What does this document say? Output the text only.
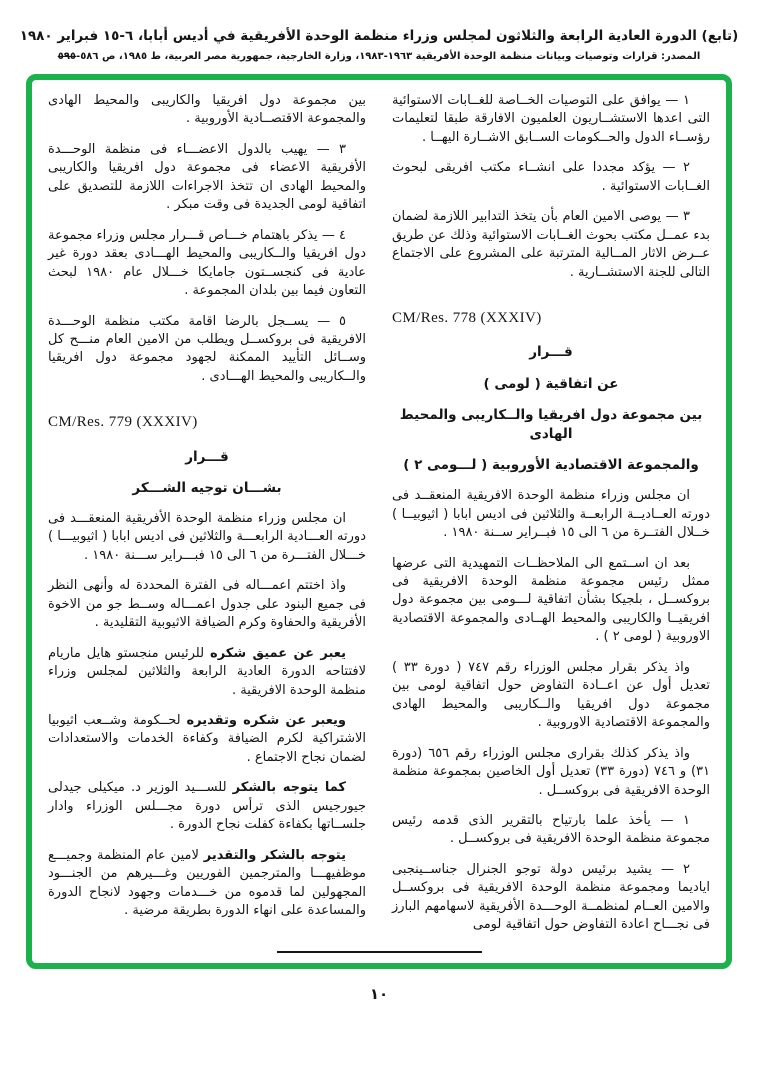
(تابع) الدورة العادية الرابعة والثلاثون لمجلس وزراء منظمة الوحدة الأفريقية في أديس أبابا، ٦-١٥ فبراير ١٩٨٠
المصدر: قرارات وتوصيات وبيانات منظمة الوحدة الأفريقية ١٩٦٣-١٩٨٣، وزارة الخارجية، جمهورية مصر العربية، ط ١٩٨٥، ص ٥٨٦-٥٩٥
١ — يوافق على التوصيات الخــاصة للغــابات الاستوائية التى اعدها الاستشــاريون العلميون الافارقة طبقا لتعليمات رؤســاء الدول والحــكومات الســابق الاشــارة اليهــا .
٢ — يؤكد مجددا على انشــاء مكتب افريقى لبحوث الغــابات الاستوائية .
٣ — يوصى الامين العام بأن يتخذ التدابير اللازمة لضمان بدء عمــل مكتب بحوث الغــابات الاستوائية وذلك عن طريق عــرض الاثار المــالية المترتبة على المشروع على الاجتماع التالى للجنة الاستشــارية .
CM/Res. 778 (XXXIV)
قـــرار
عن اتفاقية ( لومى )
بين مجموعة دول افريقيا والــكاريبى والمحيط الهادى
والمجموعة الاقتصادية الأوروبية ( لـــومى ٢ )
ان مجلس وزراء منظمة الوحدة الافريقية المنعقــد فى دورته العــاديــة الرابعــة والثلاثين فى اديس ابابا ( اثيوبيــا ) خــلال الفتــرة من ٦ الى ١٥ فبــراير ســنة ١٩٨٠ .
بعد ان اســتمع الى الملاحظــات التمهيدية التى عرضها ممثل رئيس مجموعة منظمة الوحدة الافريقية فى بروكســل ، بلجيكا بشأن اتفاقية لـــومى بين مجموعة دول افريقيــا والكاريبى والمحيط الهــادى والمجموعة الاقتصادية الاوروبية ( لومى ٢ ) .
واذ يذكر بقرار مجلس الوزراء رقم ٧٤٧ ( دورة ٣٣ ) تعديل أول عن اعــادة التفاوض حول اتفاقية لومى بين مجموعة دول افريقيا والــكاريبى والمحيط الهادى والمجموعة الاقتصادية الاوروبية .
واذ يذكر كذلك بقرارى مجلس الوزراء رقم ٦٥٦ (دورة ٣١) و ٧٤٦ (دورة ٣٣) تعديل أول الخاصين بمجموعة منظمة الوحدة الافريقية فى بروكســل .
١ — يأخذ علما بارتياح بالتقرير الذى قدمه رئيس مجموعة منظمة الوحدة الافريقية فى بروكســل .
٢ — يشيد برئيس دولة توجو الجنرال جناســينجبى اياديما ومجموعة منظمة الوحدة الافريقية فى بروكســل والامين العــام لمنظمــة الوحـــدة الأفريقية لاسهامهم البارز فى نجـــاح اعادة التفاوض حول اتفاقية لومى
بين مجموعة دول افريقيا والكاريبى والمحيط الهادى والمجموعة الاقتصــادية الأوروبية .
٣ — يهيب بالدول الاعضـــاء فى منظمة الوحـــدة الأفريقية الاعضاء فى مجموعة دول افريقيا والكاريبى والمحيط الهادى ان تتخذ الاجراءات اللازمة للتصديق على اتفاقية لومى الجديدة فى وقت مبكر .
٤ — يذكر باهتمام خـــاص قـــرار مجلس وزراء مجموعة دول افريقيا والــكاريبى والمحيط الهـــادى بعقد دورة غير عادية فى كنجســتون جامايكا خـــلال عام ١٩٨٠ لبحث التعاون فيما بين بلدان المجموعة .
٥ — يســجل بالرضا اقامة مكتب منظمة الوحـــدة الافريقية فى بروكســل ويطلب من الامين العام منـــح كل وســائل التأييد الممكنة لجهود مجموعة دول افريقيا والــكاريبى والمحيط الهـــادى .
CM/Res. 779 (XXXIV)
قـــرار
بشـــان توجيه الشـــكر
ان مجلس وزراء منظمة الوحدة الأفريقية المنعقـــد فى دورته العـــادية الرابعـــة والثلاثين فى اديس ابابا ( اثيوبيـــا ) خـــلال الفتـــرة من ٦ الى ١٥ فبـــراير ســـنة ١٩٨٠ .
واذ اختتم اعمـــاله فى الفترة المحددة له وأنهى النظر فى جميع البنود على جدول اعمـــاله وســط جو من الاخوة الأفريقية والحفاوة وكرم الضيافة الاثيوبية التقليدية .
يعبر عن عميق شكره للرئيس منجستو هايل ماريام لافتتاحه الدورة العادية الرابعة والثلاثين لمجلس وزراء منظمة الوحدة الافريقية .
ويعبر عن شكره وتقديره لحــكومة وشــعب اثيوبيا الاشتراكية لكرم الضيافة وكفاءة الخدمات والاستعدادات لضمان نجاح الاجتماع .
كما يتوجه بالشكر للســـيد الوزير د. ميكيلى جيدلى جيورجيس الذى ترأس دورة مجـــلس الوزراء وادار جلســاتها بكفاءة كفلت نجاح الدورة .
يتوجه بالشكر والتقدير لامين عام المنظمة وجميـــع موظفيهـــا والمترجمين الفوريين وغـــيرهم من الجنـــود المجهولين لما قدموه من خـــدمات وجهود لانجاح الدورة والمساعدة على انهاء الدورة بطريقة مرضية .
١٠
